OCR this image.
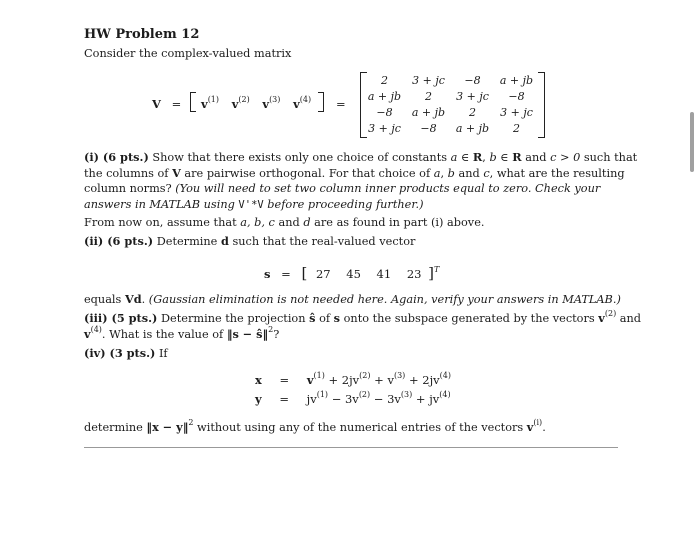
HW Problem 12
Consider the complex-valued matrix
V =	$v^{(1)}$ $v^{(2)}$ $v^{(3)}$ $v^{(4)}$ =
2	3 + jc	−8	a + jb
a + jb	2	3 + jc	−8
−8	a + jb	2	3 + jc
3 + jc	−8	a + jb	2
(i) (6 pts.) Show that there exists only one choice of constants a ∈ R, b ∈ R and c > 0 such that the columns of V are pairwise orthogonal. For that choice of a, b and c, what are the resulting column norms? (You will need to set two column inner products equal to zero. Check your answers in MATLAB using V'*V before proceeding further.)
From now on, assume that a, b, c and d are as found in part (i) above.
(ii) (6 pts.) Determine d such that the real-valued vector
s = [ 27 45 41 23 ]$^T$
equals Vd. (Gaussian elimination is not needed here. Again, verify your answers in MATLAB.)
(iii) (5 pts.) Determine the projection ŝ of s onto the subspace generated by the vectors $v^{(2)}$ and
$v^{(4)}$. What is the value of ‖s − ŝ‖$^2$?
(iv) (3 pts.) If
$x = v^{(1)} + 2jv^{(2)} + v^{(3)} + 2jv^{(4)}$
$y = jv^{(1)} - 3v^{(2)} - 3v^{(3)} + jv^{(4)}$
determine ‖x − y‖$^2$ without using any of the numerical entries of the vectors $v^{(i)}$.
